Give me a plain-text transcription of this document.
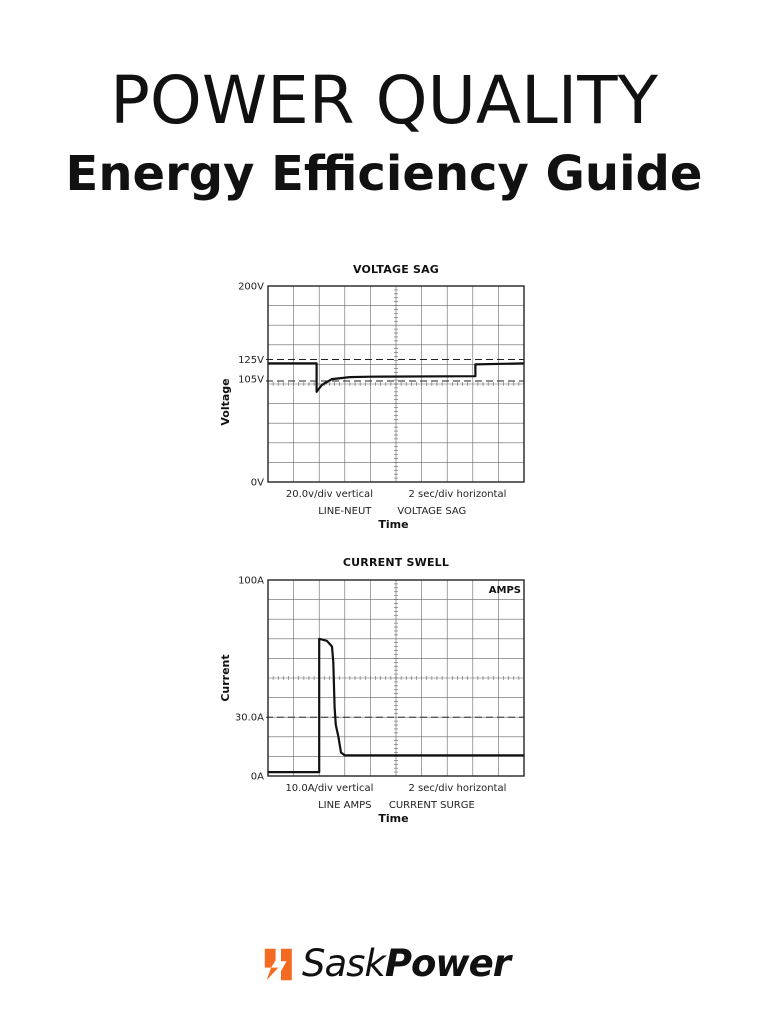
POWER QUALITY
Energy Efficiency Guide
VOLTAGE SAG
200V
125V
105V
0V
Voltage
20.0v/div vertical	2 sec/div horizontal
LINE-NEUT	VOLTAGE SAG
Time
CURRENT SWELL
100A
30.0A
0A
Current
AMPS
10.0A/div vertical	2 sec/div horizontal
LINE AMPS CURRENT SURGE
Time
SaskPower
